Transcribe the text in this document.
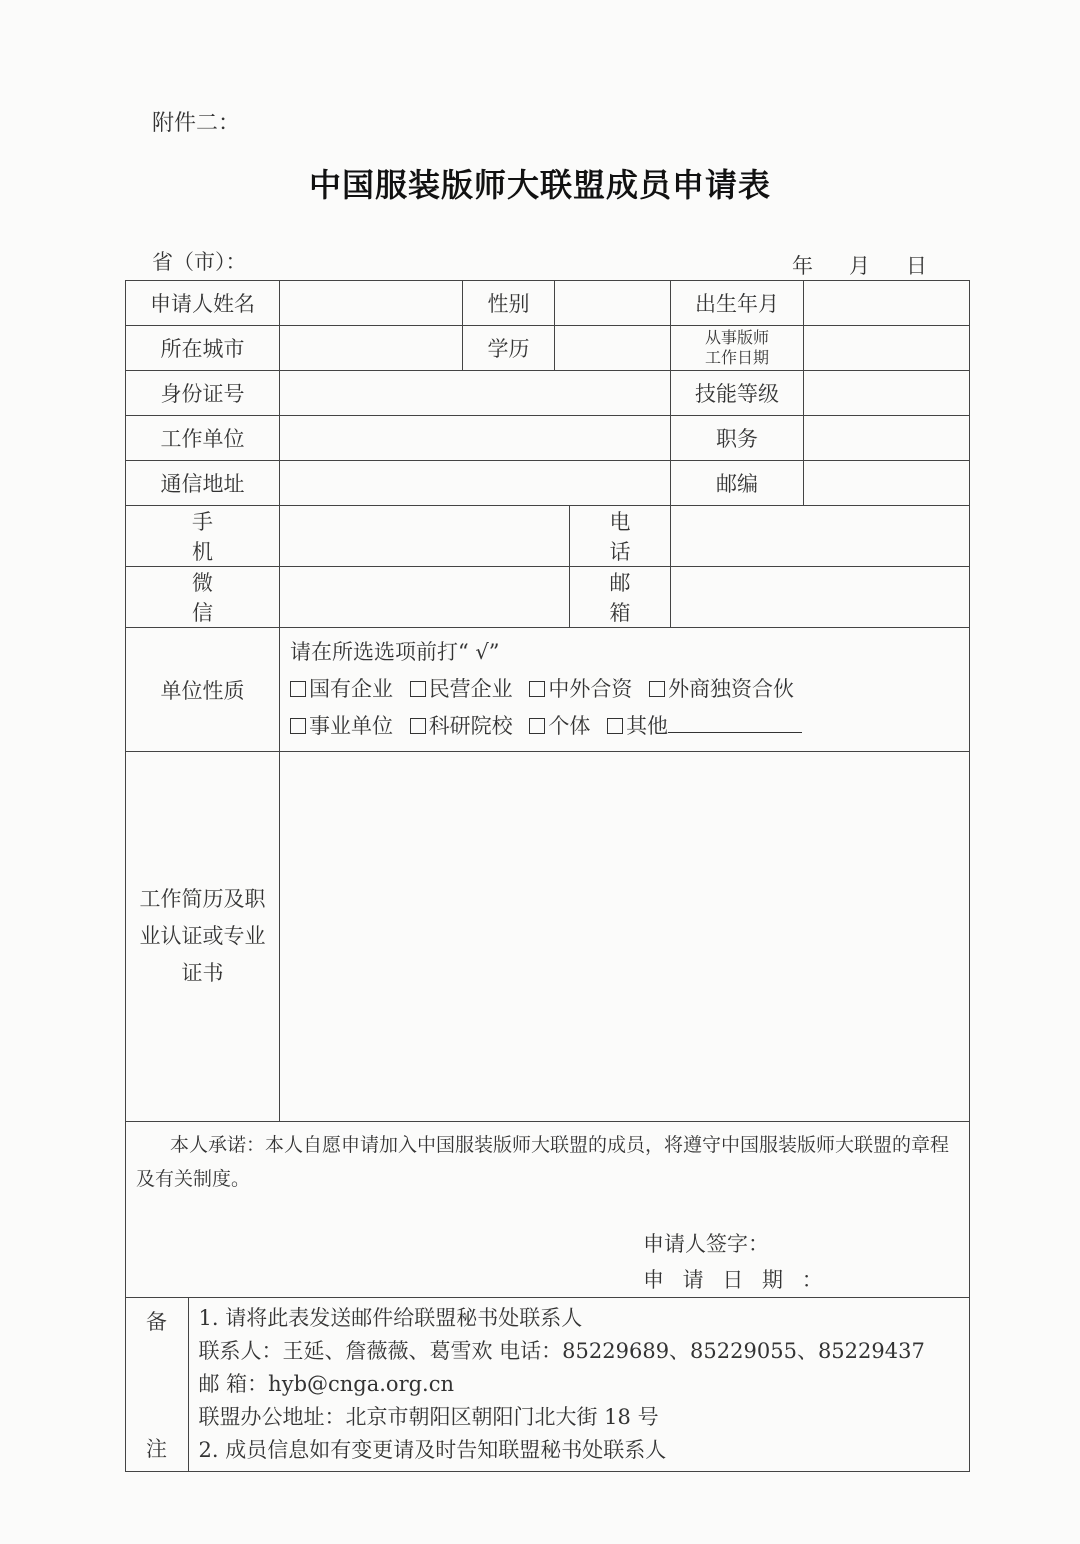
附件二：
中国服装版师大联盟成员申请表
省（市）：	年 月 日
申请人姓名		性别		出生年月	
所在城市		学历		从事版师
工作日期

身份证号		技能等级	
工作单位		职务	
通信地址		邮编	
手机		电话	
微信		邮箱	
单位性质	
请在所选选项前打“ √”
国有企业 民营企业 中外合资 外商独资合伙
事业单位 科研院校 个体 其他

工作简历及职业认证或专业证书	

本人承诺：本人自愿申请加入中国服装版师大联盟的成员，将遵守中国服装版师大联盟的章程及有关制度。
申请人签字：
申 请 日 期 ：

备
注

1. 请将此表发送邮件给联盟秘书处联系人
联系人：王延、詹薇薇、葛雪欢 电话：85229689、85229055、85229437
邮 箱：hyb@cnga.org.cn
联盟办公地址：北京市朝阳区朝阳门北大街 18 号
2. 成员信息如有变更请及时告知联盟秘书处联系人
